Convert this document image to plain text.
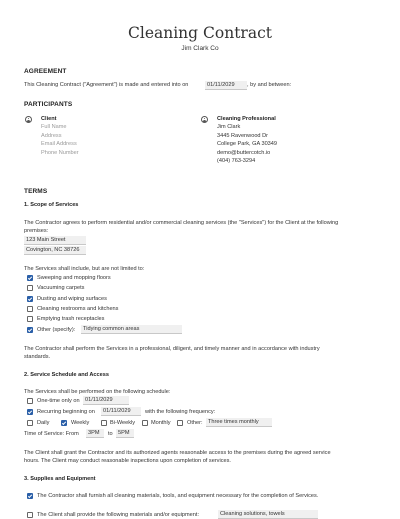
Cleaning Contract
Jim Clark Co
AGREEMENT
This Cleaning Contract ("Agreement") is made and entered into on	01/11/2029	, by and between:
PARTICIPANTS
Client
Full Name
Address
Email Address
Phone Number
Cleaning Professional
Jim Clark
3445 Ravenwood Dr
College Park, GA 30349
demo@buttercotch.io
(404) 763-3294
TERMS
1. Scope of Services
The Contractor agrees to perform residential and/or commercial cleaning services (the "Services") for the Client at the following
premises:
123 Main Street
Covington, NC 38726
The Services shall include, but are not limited to:
Sweeping and mopping floors
Vacuuming carpets
Dusting and wiping surfaces
Cleaning restrooms and kitchens
Emptying trash receptacles
Other (specify):	Tidying common areas
The Contractor shall perform the Services in a professional, diligent, and timely manner and in accordance with industry
standards.
2. Service Schedule and Access
The Services shall be performed on the following schedule:
One-time only on 01/11/2029
Recurring beginning on	01/11/2029	with the following frequency:
Daily	Weekly	Bi-Weekly	Monthly	Other: Three times monthly
Time of Service: From	3PM	to 5PM
The Client shall grant the Contractor and its authorized agents reasonable access to the premises during the agreed service
hours. The Client may conduct reasonable inspections upon completion of services.
3. Supplies and Equipment
The Contractor shall furnish all cleaning materials, tools, and equipment necessary for the completion of Services.
The Client shall provide the following materials and/or equipment:	Cleaning solutions, towels
